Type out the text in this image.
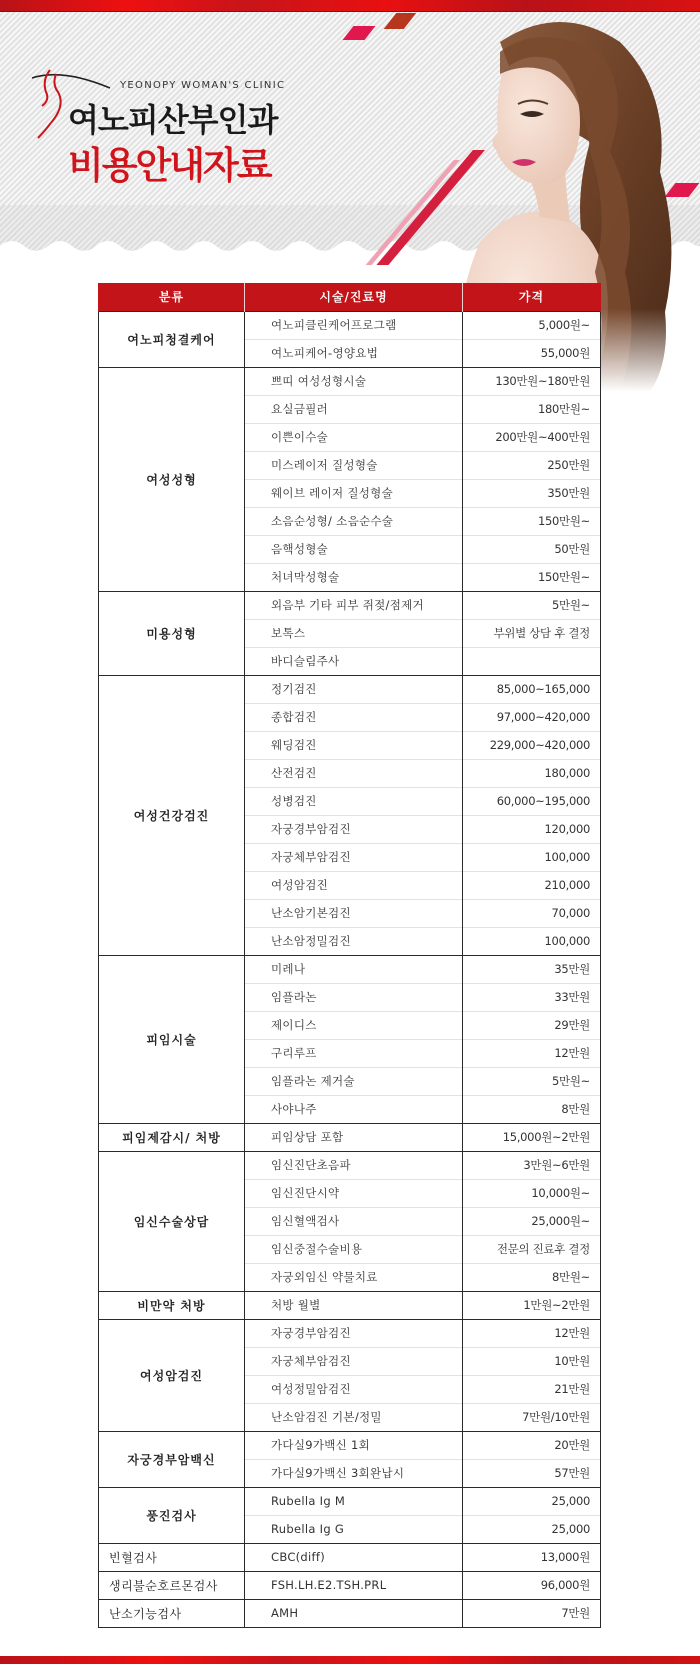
YEONOPY WOMAN'S CLINIC
여노피산부인과
비용안내자료
분류	시술/진료명	가격
여노피청결케어	여노피클린케어프로그램	5,000원~
	여노피케어-영양요법	55,000원
여성성형	쁘띠 여성성형시술	130만원~180만원
	요실금필러	180만원~
	이쁜이수술	200만원~400만원
	미스레이저 질성형술	250만원
	웨이브 레이저 질성형술	350만원
	소음순성형/ 소음순수술	150만원~
	음핵성형술	50만원
	처녀막성형술	150만원~
미용성형	외음부 기타 피부 쥐젖/점제거	5만원~
	보톡스	부위별 상담 후 결정
	바디슬림주사	
여성건강검진	정기검진	85,000~165,000
	종합검진	97,000~420,000
	웨딩검진	229,000~420,000
	산전검진	180,000
	성병검진	60,000~195,000
	자궁경부암검진	120,000
	자궁체부암검진	100,000
	여성암검진	210,000
	난소암기본검진	70,000
	난소암정밀검진	100,000
피임시술	미레나	35만원
	임플라논	33만원
	제이디스	29만원
	구리루프	12만원
	임플라논 제거술	5만원~
	사야나주	8만원
피임제감시/ 처방	피임상담 포함	15,000원~2만원
임신수술상담	임신진단초음파	3만원~6만원
	임신진단시약	10,000원~
	임신혈액검사	25,000원~
	임신중절수술비용	전문의 진료후 결정
	자궁외임신 약물치료	8만원~
비만약 처방	처방 월별	1만원~2만원
여성암검진	자궁경부암검진	12만원
	자궁체부암검진	10만원
	여성정밀암검진	21만원
	난소암검진 기본/정밀	7만원/10만원
자궁경부암백신	가다실9가백신 1회	20만원
	가다실9가백신 3회완납시	57만원
풍진검사	Rubella Ig M	25,000
	Rubella Ig G	25,000
빈혈검사	CBC(diff)	13,000원
생리불순호르몬검사	FSH.LH.E2.TSH.PRL	96,000원
난소기능검사	AMH	7만원
